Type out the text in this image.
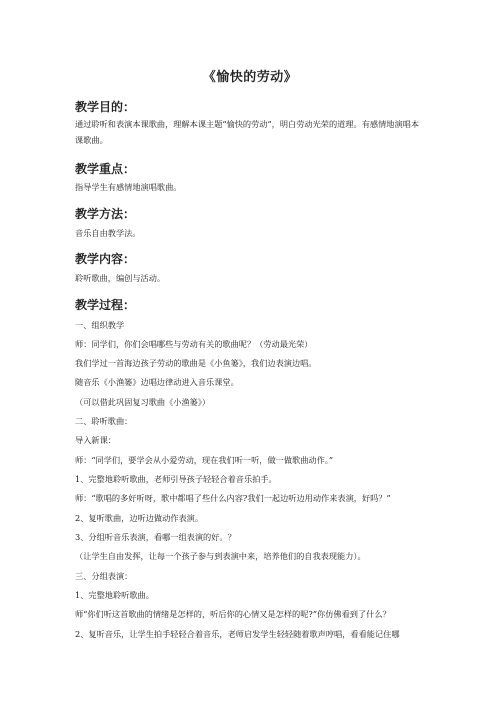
《愉快的劳动》
教学目的：
通过聆听和表演本课歌曲，理解本课主题“愉快的劳动”，明白劳动光荣的道理。有感情地演唱本课歌曲。
教学重点：
指导学生有感情地演唱歌曲。
教学方法：
音乐自由教学法。
教学内容：
聆听歌曲，编创与活动。
教学过程：
一、组织教学
师：同学们，你们会唱哪些与劳动有关的歌曲呢？（劳动最光荣）
我们学过一首海边孩子劳动的歌曲是《小鱼篓》，我们边表演边唱。
随音乐《小渔篓》边唱边律动进入音乐课堂。
（可以借此巩固复习歌曲《小渔篓》）
二、聆听歌曲：
导入新课：
师：“同学们，要学会从小爱劳动，现在我们听一听，做一做歌曲动作。”
1、完整地聆听歌曲，老师引导孩子轻轻合着音乐拍手。
师：“歌唱的多好听呀，歌中都唱了些什么内容?我们一起边听边用动作来表演，好吗？”
2、复听歌曲，边听边做动作表演。
3、分组听音乐表演，看哪一组表演的好。？
（让学生自由发挥，让每一个孩子参与到表演中来，培养他们的自我表现能力）。
三、分组表演：
1、完整地聆听歌曲。
师“你们听这首歌曲的情绪是怎样的，听后你的心情又是怎样的呢?”你仿佛看到了什么？
2、复听音乐，让学生拍手轻轻合着音乐，老师启发学生轻轻随着歌声哼唱，看看能记住哪
